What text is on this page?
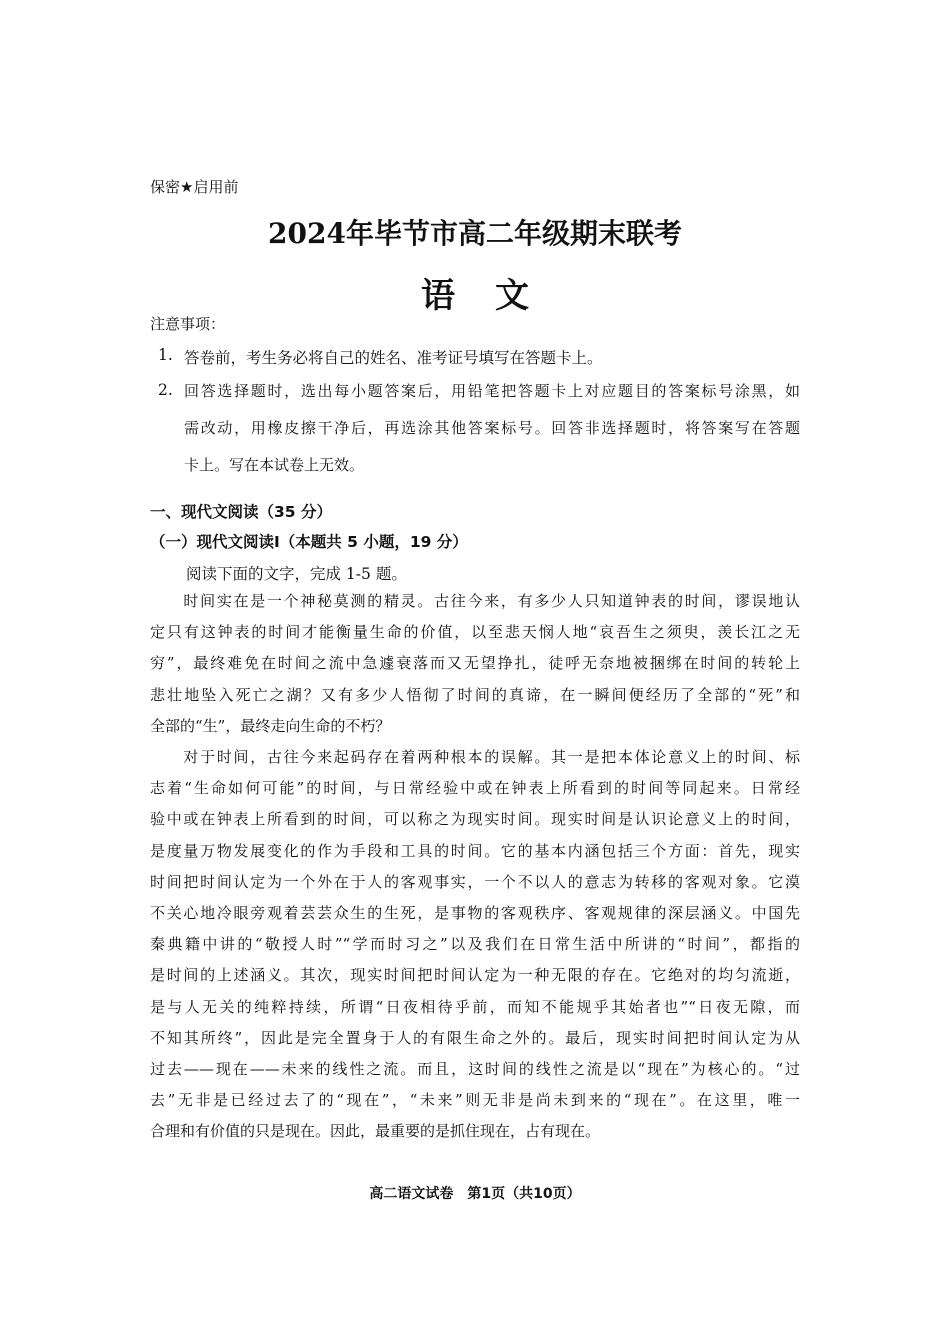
保密★启用前
2024年毕节市高二年级期末联考
语 文
注意事项：
1. 答卷前，考生务必将自己的姓名、准考证号填写在答题卡上。
2. 回答选择题时，选出每小题答案后，用铅笔把答题卡上对应题目的答案标号涂黑，如
需改动，用橡皮擦干净后，再选涂其他答案标号。回答非选择题时，将答案写在答题
卡上。写在本试卷上无效。
一、现代文阅读（35 分）
（一）现代文阅读Ⅰ（本题共 5 小题，19 分）
阅读下面的文字，完成 1-5 题。
　　时间实在是一个神秘莫测的精灵。古往今来，有多少人只知道钟表的时间，谬误地认
定只有这钟表的时间才能衡量生命的价值，以至悲天悯人地“哀吾生之须臾，羡长江之无
穷”，最终难免在时间之流中急遽衰落而又无望挣扎，徒呼无奈地被捆绑在时间的转轮上
悲壮地坠入死亡之湖？又有多少人悟彻了时间的真谛，在一瞬间便经历了全部的“死”和
全部的“生”，最终走向生命的不朽？
　　对于时间，古往今来起码存在着两种根本的误解。其一是把本体论意义上的时间、标
志着“生命如何可能”的时间，与日常经验中或在钟表上所看到的时间等同起来。日常经
验中或在钟表上所看到的时间，可以称之为现实时间。现实时间是认识论意义上的时间，
是度量万物发展变化的作为手段和工具的时间。它的基本内涵包括三个方面：首先，现实
时间把时间认定为一个外在于人的客观事实，一个不以人的意志为转移的客观对象。它漠
不关心地冷眼旁观着芸芸众生的生死，是事物的客观秩序、客观规律的深层涵义。中国先
秦典籍中讲的“敬授人时”“学而时习之”以及我们在日常生活中所讲的“时间”，都指的
是时间的上述涵义。其次，现实时间把时间认定为一种无限的存在。它绝对的均匀流逝，
是与人无关的纯粹持续，所谓“日夜相待乎前，而知不能规乎其始者也”“日夜无隙，而
不知其所终”，因此是完全置身于人的有限生命之外的。最后，现实时间把时间认定为从
过去——现在——未来的线性之流。而且，这时间的线性之流是以“现在”为核心的。“过
去”无非是已经过去了的“现在”，“未来”则无非是尚未到来的“现在”。在这里，唯一
合理和有价值的只是现在。因此，最重要的是抓住现在，占有现在。
高二语文试卷　第1页（共10页）
